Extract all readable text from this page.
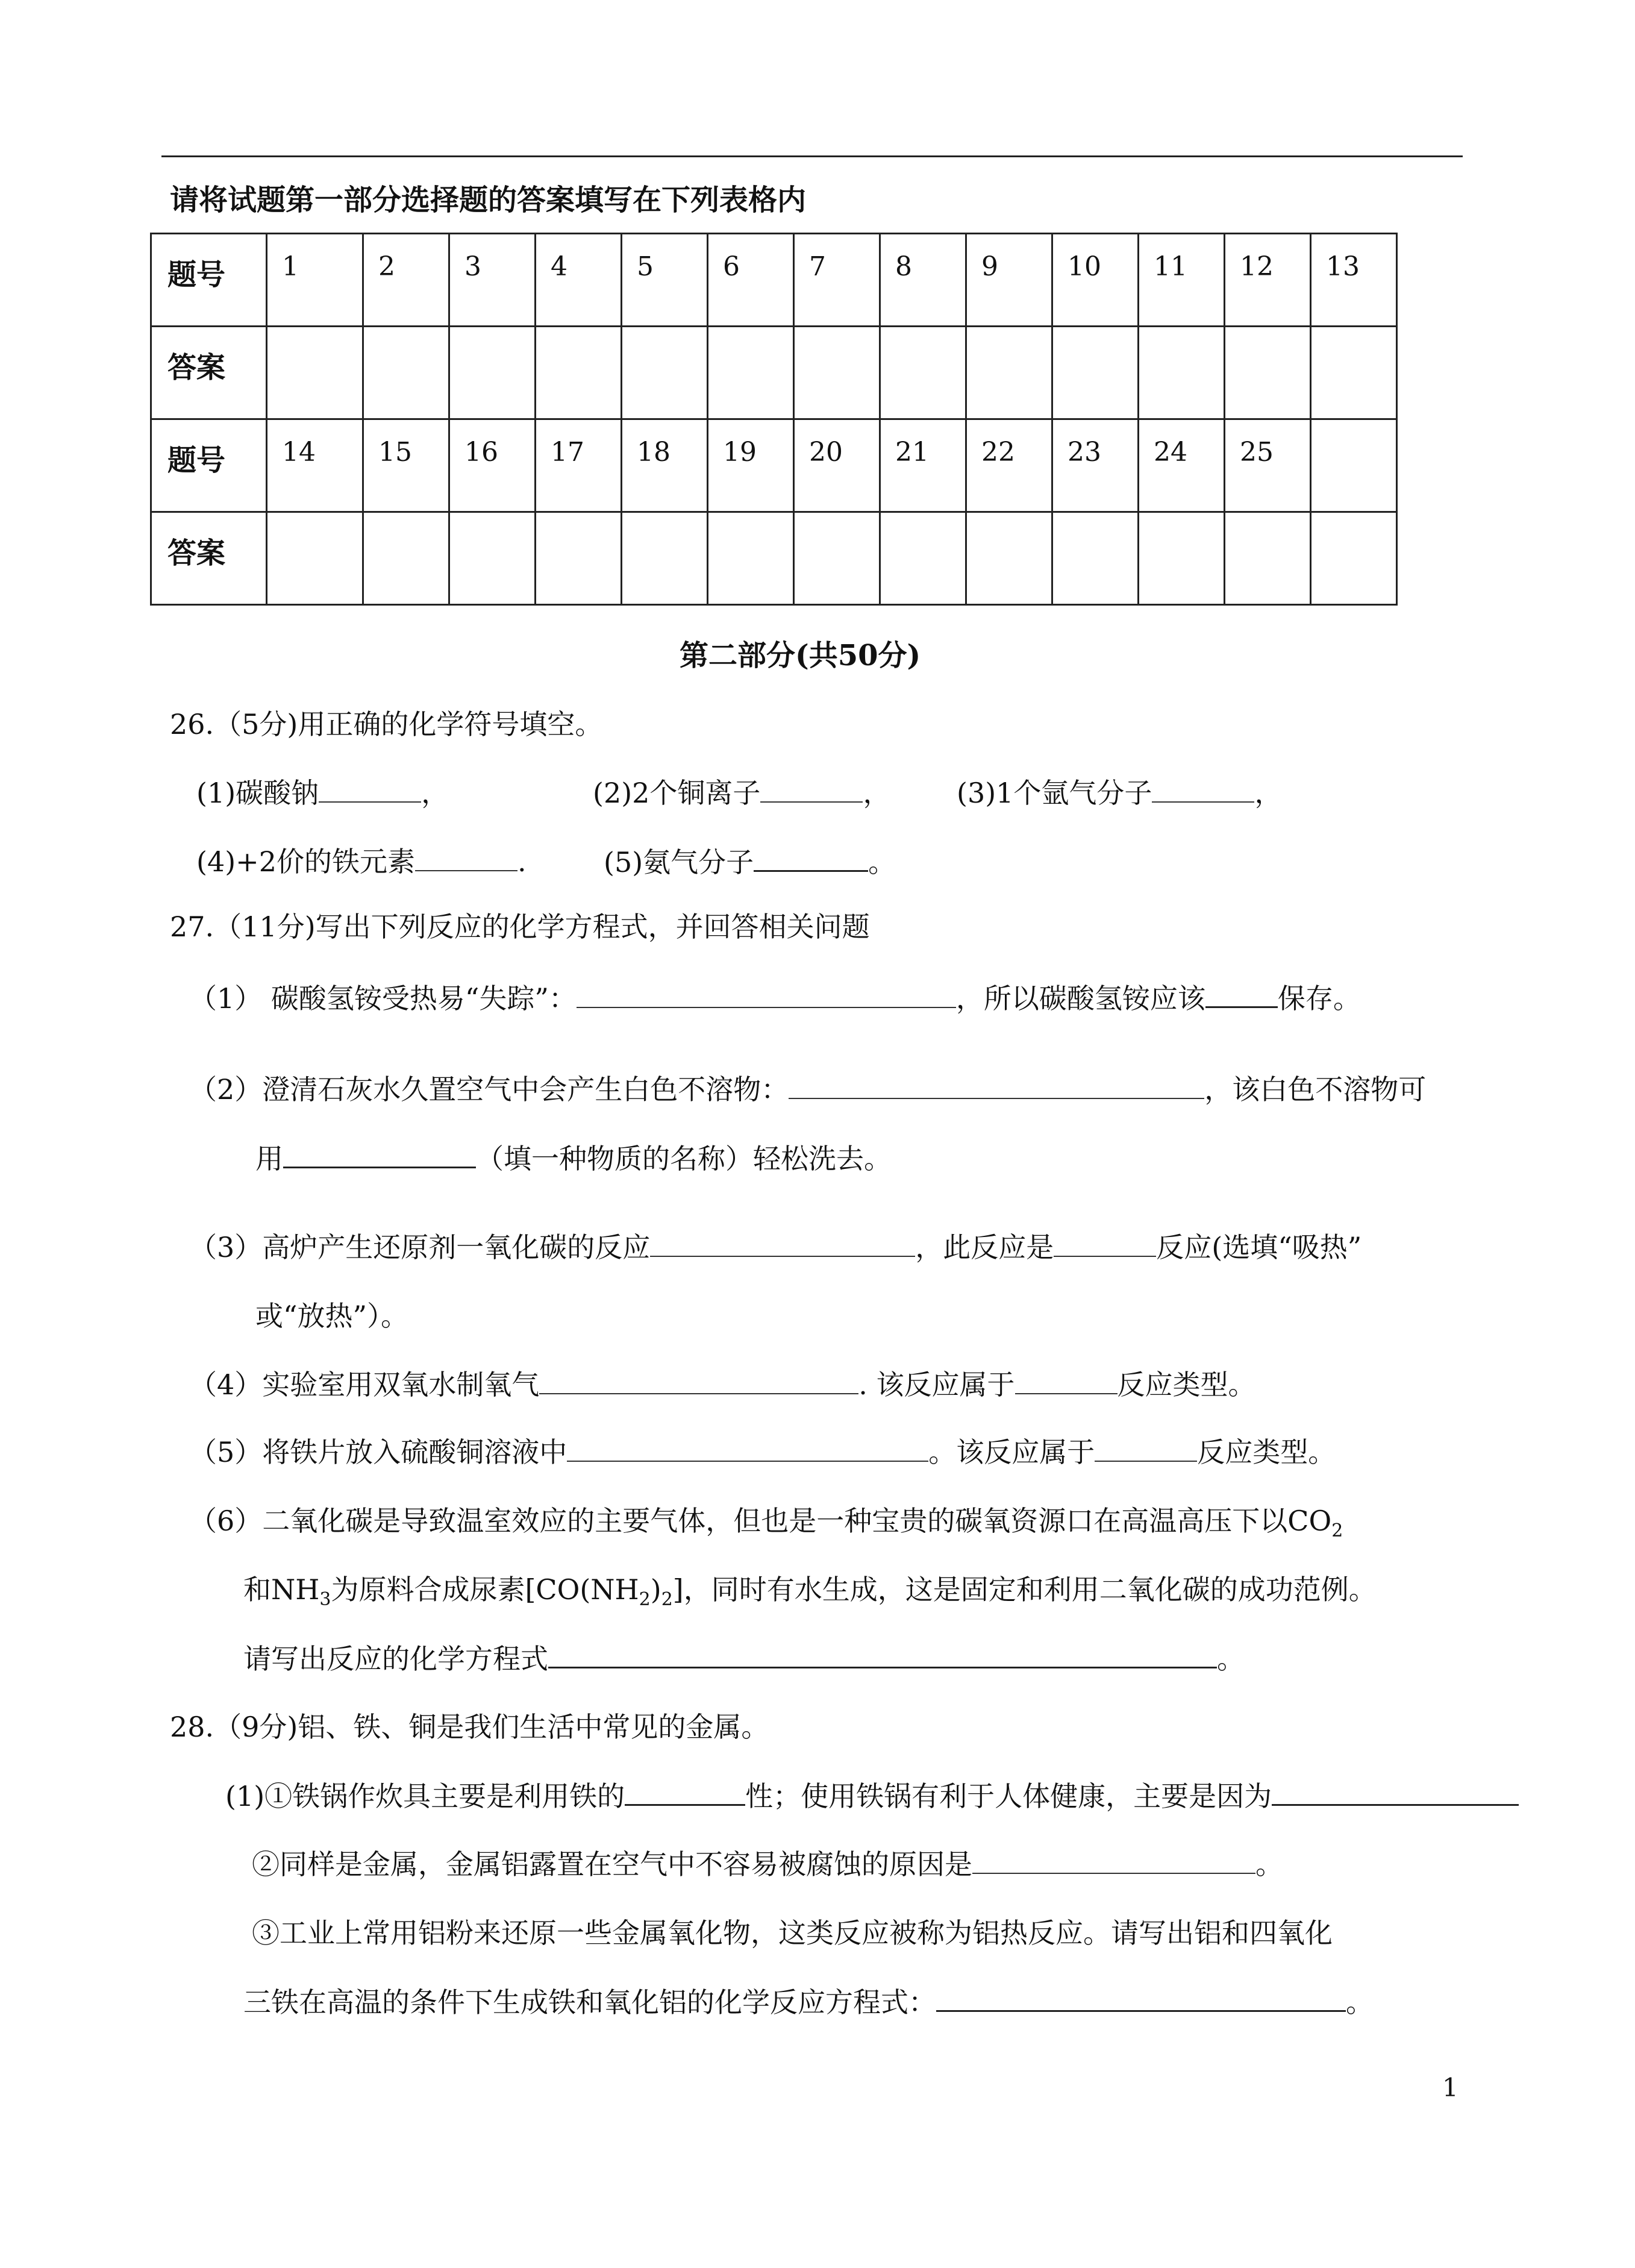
请将试题第一部分选择题的答案填写在下列表格内
题号	1	2	3	4	5	6	7	8	9	10	11	12	13
答案													
题号	14	15	16	17	18	19	20	21	22	23	24	25	
答案													
第二部分(共50分)
26.（5分)用正确的化学符号填空。
(1)碳酸钠	，	(2)2个铜离子	， (3)1个氩气分子	，
(4)+2价的铁元素	.	(5)氨气分子	。
27.（11分)写出下列反应的化学方程式，并回答相关问题
（1） 碳酸氢铵受热易“失踪”：	，所以碳酸氢铵应该	保存。
（2）澄清石灰水久置空气中会产生白色不溶物：	，该白色不溶物可
用	（填一种物质的名称）轻松洗去。
（3）高炉产生还原剂一氧化碳的反应	，此反应是	反应(选填“吸热”
或“放热”）。
（4）实验室用双氧水制氧气	. 该反应属于	反应类型。
（5）将铁片放入硫酸铜溶液中	。该反应属于	反应类型。
（6）二氧化碳是导致温室效应的主要气体，但也是一种宝贵的碳氧资源口在高温高压下以$CO_2$
和$NH_3$为原料合成尿素$[CO(NH_2)_2]$，同时有水生成，这是固定和利用二氧化碳的成功范例。
请写出反应的化学方程式	。
28.（9分)铝、铁、铜是我们生活中常见的金属。
(1)①铁锅作炊具主要是利用铁的	性；使用铁锅有利于人体健康，主要是因为
②同样是金属，金属铝露置在空气中不容易被腐蚀的原因是	。
③工业上常用铝粉来还原一些金属氧化物，这类反应被称为铝热反应。请写出铝和四氧化
三铁在高温的条件下生成铁和氧化铝的化学反应方程式：	。
1
